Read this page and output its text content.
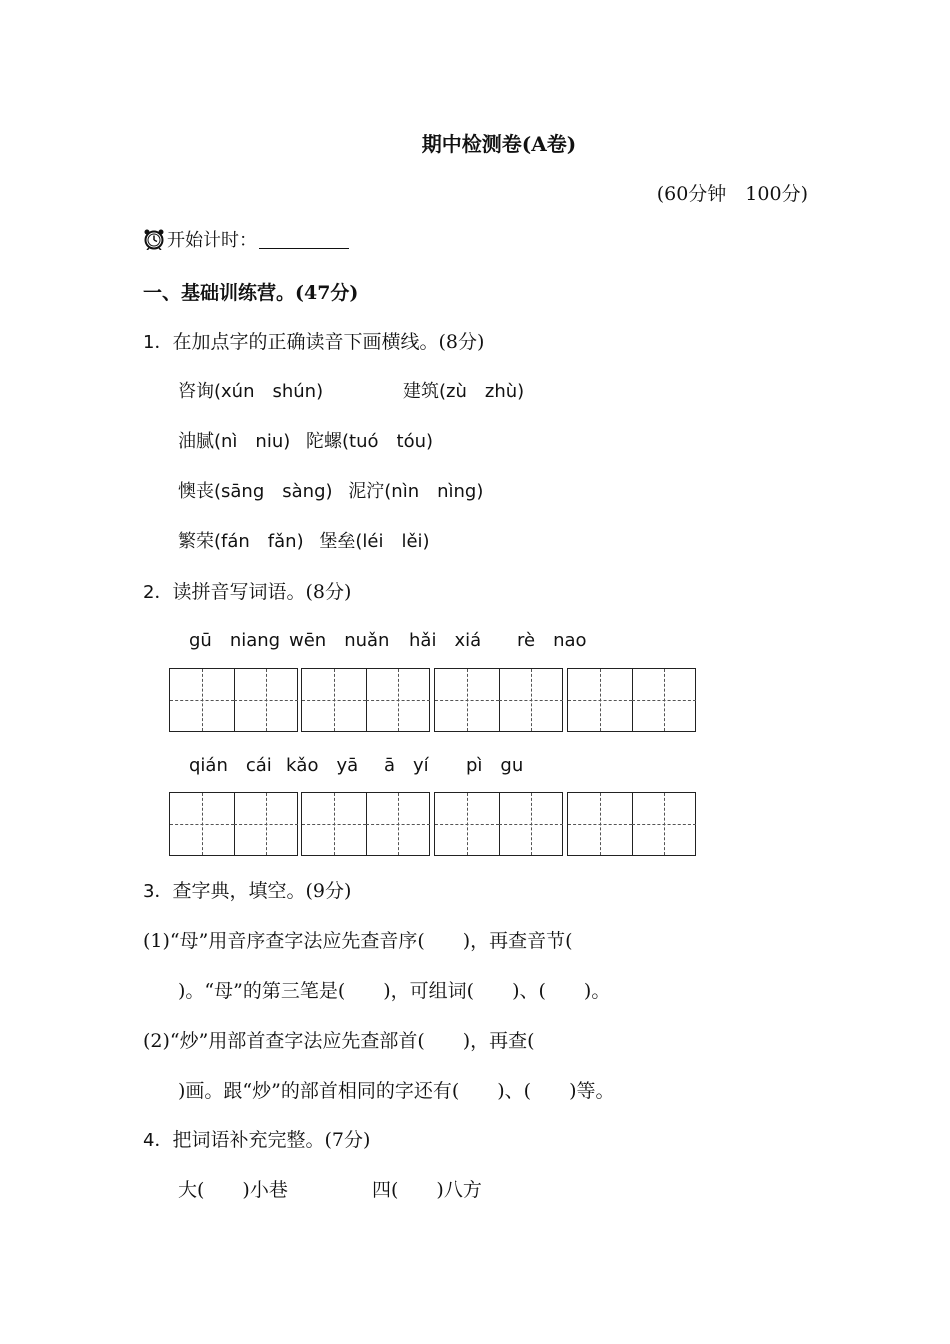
期中检测卷(A卷)
(60分钟　100分)
开始计时：
一、基础训练营。(47分)
1．在加点字的正确读音下画横线。(8分)
咨询(xún　shún)	建筑(zù　zhù)
油腻(nì　niu) 陀螺(tuó　tóu)
懊丧(sāng　sàng) 泥泞(nìn　nìng)
繁荣(fán　fǎn) 堡垒(léi　lěi)
2．读拼音写词语。(8分)
gū　niang wēn　nuǎn hǎi　xiá rè　nao
qián　cái kǎo　yā ā　yí pì　gu
3．查字典，填空。(9分)
(1)“母”用音序查字法应先查音序(　　)，再查音节(
)。“母”的第三笔是(　　)，可组词(　　)、(　　)。
(2)“炒”用部首查字法应先查部首(　　)，再查(
)画。跟“炒”的部首相同的字还有(　　)、(　　)等。
4．把词语补充完整。(7分)
大(　　)小巷	四(　　)八方
